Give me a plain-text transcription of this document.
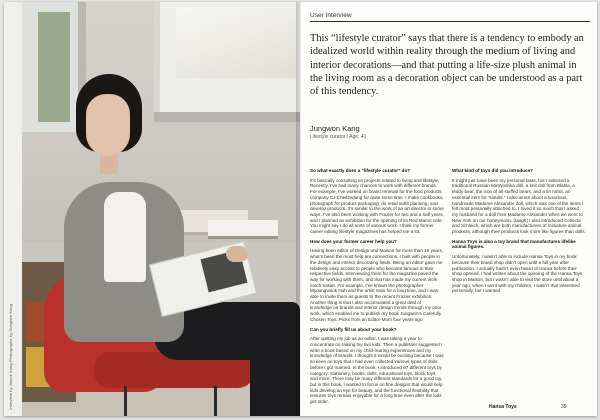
Interview by Jisook Kang Photographs by Sunghee Kang
User Interview

This “lifestyle curator” says that there is a tendency to embody an idealized world within reality through the medium of living and interior decorations—and that putting a life-size plush animal in the living room as a decoration object can be understood as a part of this tendency.

Jungwon Kang
Lifestyle curator / Age: 41

So what exactly does a “lifestyle curator” do?

It’s basically consulting on projects related to living and lifestyle. Recently, I’ve had many chances to work with different brands. For example, I’ve worked on brand renewal for the food products company CJ CheilJedang for quite some time. I make cookbooks, photograph for product packaging, do retail outfit planning, and develop products. It’s similar to the work of an art director in some ways. I’ve also been working with Frazier for two and a half years, and I planned an exhibition for the opening of its Red Mamo cafe. You might say I do all sorts of various work. I think my former career editing lifestyle magazines has helped me a lot.

How does your former career help you?

Having been editor of Design and Maison for more than 10 years, what’s been the most help are connections. I built with people in the design and interior decorating fields. Being an editor gave me relatively easy access to people who became famous in their respective fields. Interviewing them for the magazine paved the way for working with them, and that has made my current work much easier. For example, I’ve known the photographer Myoungwook Huh and the artist Sato for a long time, and I was able to invite them as guests to the recent Frazier exhibition. Another thing is that I also accumulated a great deal of knowledge on brands and interior design trends through my prior work, which enabled me to publish my book Jungwon’s Carefully Chosen Toys: Picks from an Editor-Mom four years ago.

Can you briefly fill us about your book?

After quitting my job as an editor, I was taking a year to concentrate on raising my two kids. Then a publisher suggested I write a book based on my child-rearing experiences and my knowledge of brands. I thought it would be exciting because I was so keen on toys that I had even collected various types of dolls before I got married. In the book, I introduced 67 different toys by category: stationery, books, dolls, educational toys, block toys, and more. There may be many different standards for a good toy, but in this book, I wanted to focus on fine designs that would help kids develop an eye for beauty, and the functional flexibility that ensures toys remain enjoyable for a long time even after the kids get older.

What kind of toys did you introduce?

It might just have been my personal taste, but I selected a traditional Russian Matryoshka doll, a knit doll from Blabla, a teddy bear, the icon of all stuffed bears, and a tin robot, an essential item for “kidults.” I also wrote about a luxurious, handmade Madame Alexander doll, which was one of the items I felt most personally attached to. I loved it so much that I asked my husband for a doll from Madame Alexander when we went to New York on our honeymoon. (laugh) I also introduced Collecta and Schleich, which are both manufacturers of miniature animal products, although their products look more like figures than dolls.

Hansa Toys is also a toy brand that manufactures lifelike animal figures.

Unfortunately, I wasn’t able to include Hansa Toys in my book because their brand shop didn’t open until a full year after publication. I actually hadn’t even heard of Hansa before their shop opened. I had written about the opening of the Hansa Toys shop in Maison, but I wasn’t able to visit the store until about a year ago, when I went with my children. I wasn’t that interested personally, but I wanted

Hansa Toys	39
